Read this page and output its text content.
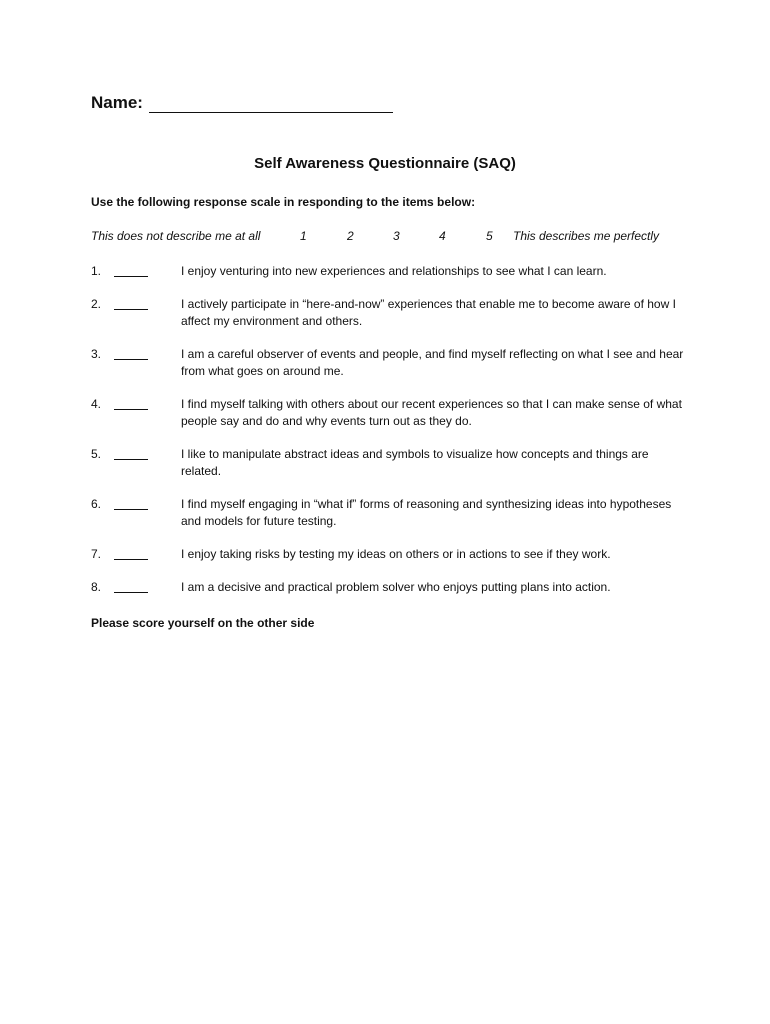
Name:
Self Awareness Questionnaire (SAQ)
Use the following response scale in responding to the items below:
This does not describe me at all	1	2	3	4	5 This describes me perfectly
1.	I enjoy venturing into new experiences and relationships to see what I can learn.
2.	I actively participate in “here-and-now” experiences that enable me to become aware of how I affect my environment and others.
3.	I am a careful observer of events and people, and find myself reflecting on what I see and hear from what goes on around me.
4.	I find myself talking with others about our recent experiences so that I can make sense of what people say and do and why events turn out as they do.
5.	I like to manipulate abstract ideas and symbols to visualize how concepts and things are related.
6.	I find myself engaging in “what if” forms of reasoning and synthesizing ideas into hypotheses and models for future testing.
7.	I enjoy taking risks by testing my ideas on others or in actions to see if they work.
8.	I am a decisive and practical problem solver who enjoys putting plans into action.
Please score yourself on the other side
